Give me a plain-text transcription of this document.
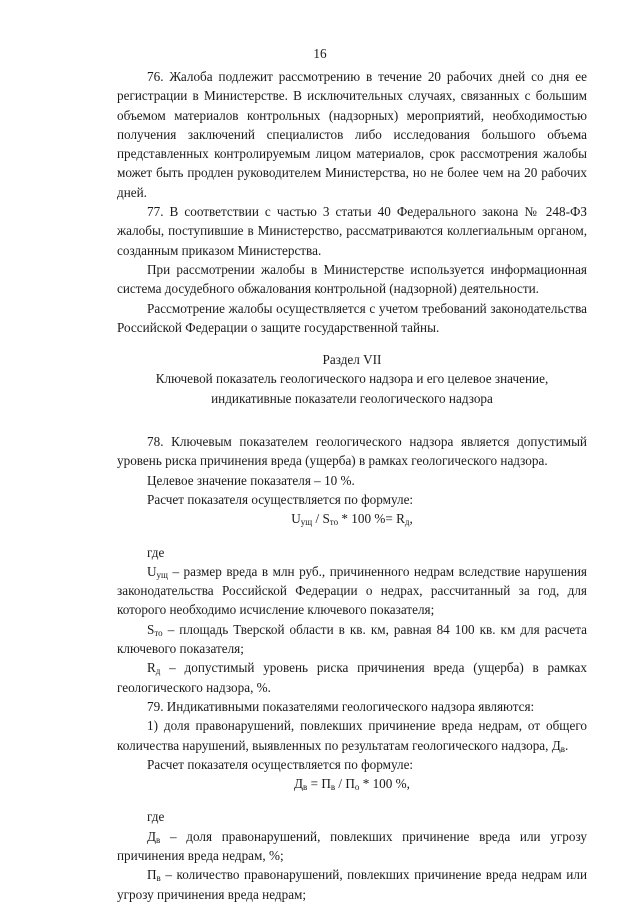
16

76. Жалоба подлежит рассмотрению в течение 20 рабочих дней со дня ее регистрации в Министерстве. В исключительных случаях, связанных с большим объемом материалов контрольных (надзорных) мероприятий, необходимостью получения заключений специалистов либо исследования большого объема представленных контролируемым лицом материалов, срок рассмотрения жалобы может быть продлен руководителем Министерства, но не более чем на 20 рабочих дней.

77. В соответствии с частью 3 статьи 40 Федерального закона № 248-ФЗ жалобы, поступившие в Министерство, рассматриваются коллегиальным органом, созданным приказом Министерства.

При рассмотрении жалобы в Министерстве используется информационная система досудебного обжалования контрольной (надзорной) деятельности.

Рассмотрение жалобы осуществляется с учетом требований законодательства Российской Федерации о защите государственной тайны.

Раздел VII

Ключевой показатель геологического надзора и его целевое значение,

индикативные показатели геологического надзора

78. Ключевым показателем геологического надзора является допустимый уровень риска причинения вреда (ущерба) в рамках геологического надзора.

Целевое значение показателя – 10 %.

Расчет показателя осуществляется по формуле:

$U_{ущ} / S_{то} * 100$ %= $R_д$,

где

$U_{ущ}$ – размер вреда в млн руб., причиненного недрам вследствие нарушения законодательства Российской Федерации о недрах, рассчитанный за год, для которого необходимо исчисление ключевого показателя;

$S_{то}$ – площадь Тверской области в кв. км, равная 84 100 кв. км для расчета ключевого показателя;

$R_д$ – допустимый уровень риска причинения вреда (ущерба) в рамках геологического надзора, %.

79. Индикативными показателями геологического надзора являются:

1) доля правонарушений, повлекших причинение вреда недрам, от общего количества нарушений, выявленных по результатам геологического надзора, $Д_в$.

Расчет показателя осуществляется по формуле:

$Д_в = П_в / П_о * 100$ %,

где

$Д_в$ – доля правонарушений, повлекших причинение вреда или угрозу причинения вреда недрам, %;

$П_в$ – количество правонарушений, повлекших причинение вреда недрам или угрозу причинения вреда недрам;
